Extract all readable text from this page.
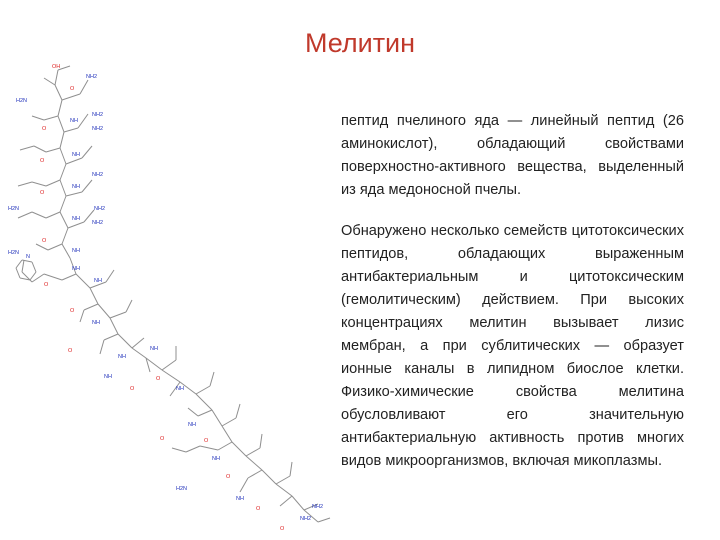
Мелитин
OH
NH2
H2N
O
NH
O
NH2
NH2
NH
O
NH2
H2N
NH
O
NH2
NH2
NH
O
H2N	NH
O
NH
N
O
NH
NH
O
NH
NH
O
NH
O
NH
NH
O
O
NH
O
H2N
NH
O
O
NH2
NH2
пептид пчелиного яда — линейный пептид (26 аминокислот), обладающий свойствами поверхностно-активного вещества, выделенный из яда медоносной пчелы.
Обнаружено несколько семейств цитотоксических пептидов, обладающих выраженным антибактериальным и цитотоксическим (гемолитическим) действием. При высоких концентрациях мелитин вызывает лизис мембран, а при сублитических — образует ионные каналы в липидном биослое клетки. Физико-химические свойства мелитина обусловливают его значительную антибактериальную активность против многих видов микроорганизмов, включая микоплазмы.
